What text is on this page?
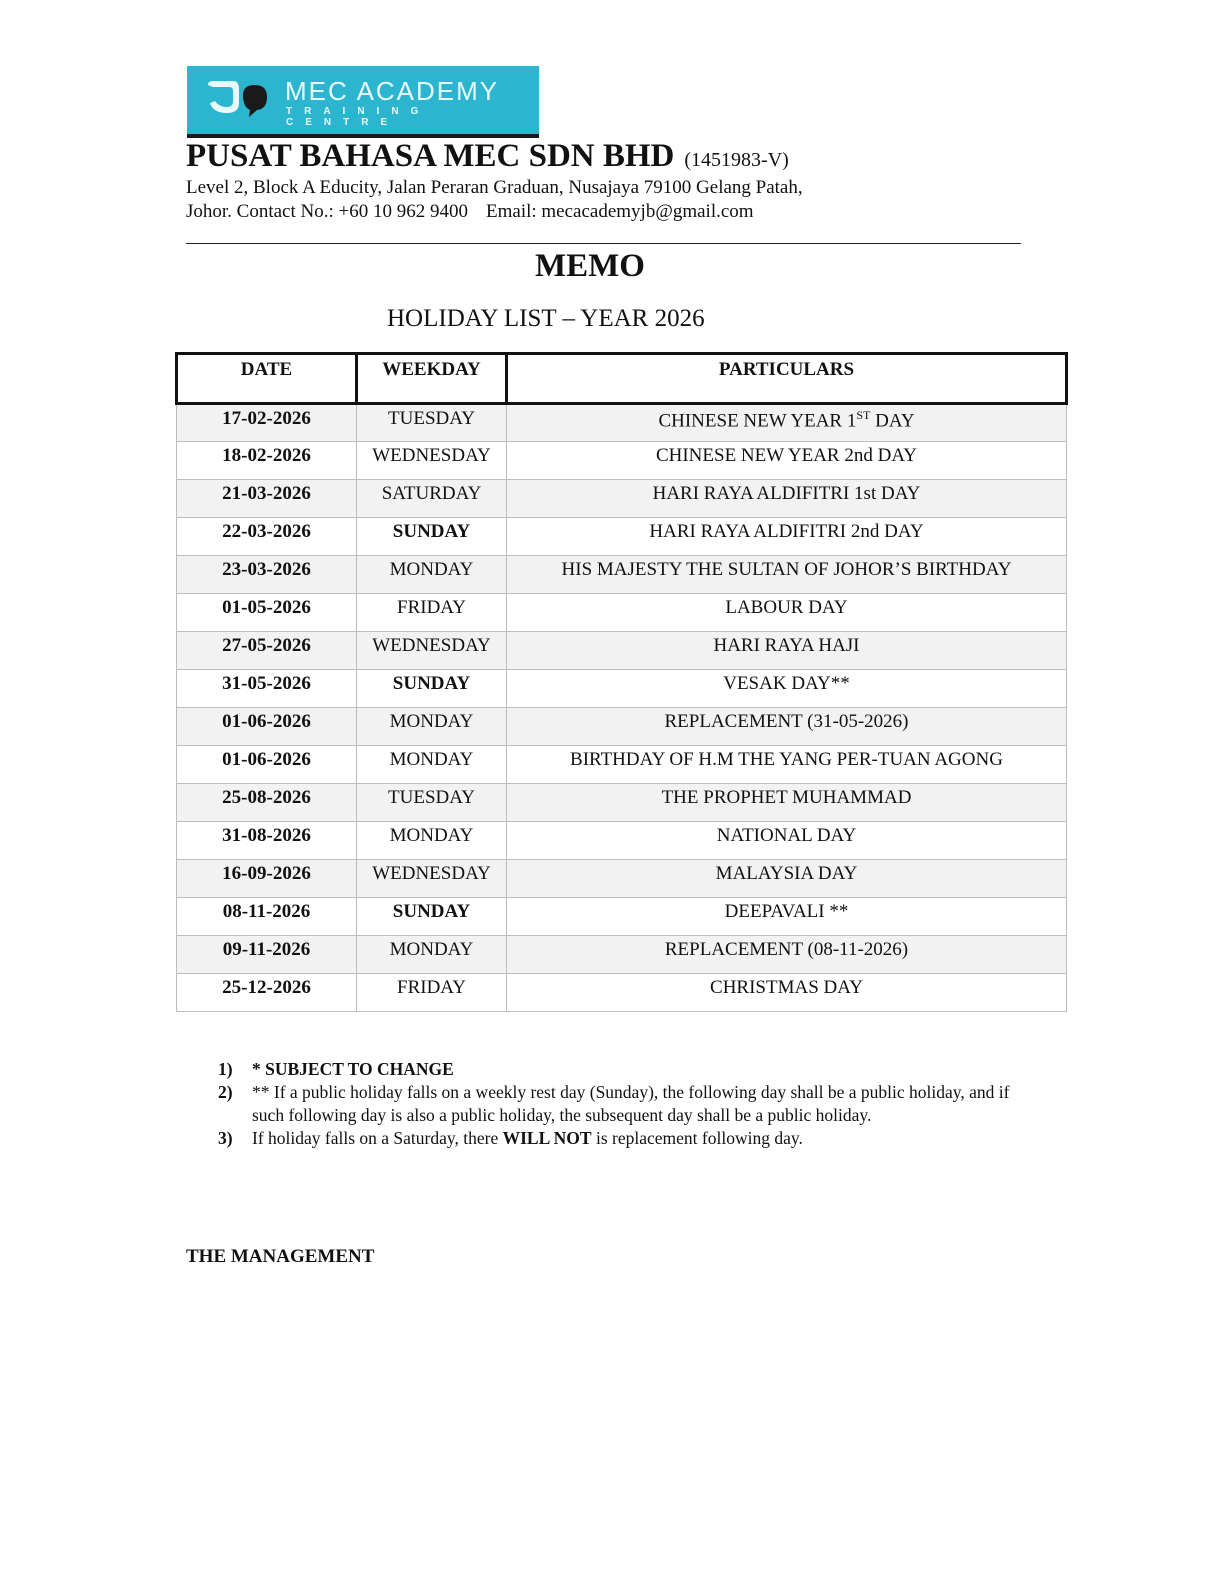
MEC ACADEMY
TRAINING CENTRE
PUSAT BAHASA MEC SDN BHD (1451983-V)
Level 2, Block A Educity, Jalan Peraran Graduan, Nusajaya 79100 Gelang Patah,
Johor. Contact No.: +60 10 962 9400 Email: mecacademyjb@gmail.com
MEMO
HOLIDAY LIST – YEAR 2026
DATE	WEEKDAY	PARTICULARS
17-02-2026	TUESDAY	CHINESE NEW YEAR 1ST DAY
18-02-2026	WEDNESDAY	CHINESE NEW YEAR 2nd DAY
21-03-2026	SATURDAY	HARI RAYA ALDIFITRI 1st DAY
22-03-2026	SUNDAY	HARI RAYA ALDIFITRI 2nd DAY
23-03-2026	MONDAY	HIS MAJESTY THE SULTAN OF JOHOR’S BIRTHDAY
01-05-2026	FRIDAY	LABOUR DAY
27-05-2026	WEDNESDAY	HARI RAYA HAJI
31-05-2026	SUNDAY	VESAK DAY**
01-06-2026	MONDAY	REPLACEMENT (31-05-2026)
01-06-2026	MONDAY	BIRTHDAY OF H.M THE YANG PER-TUAN AGONG
25-08-2026	TUESDAY	THE PROPHET MUHAMMAD
31-08-2026	MONDAY	NATIONAL DAY
16-09-2026	WEDNESDAY	MALAYSIA DAY
08-11-2026	SUNDAY	DEEPAVALI **
09-11-2026	MONDAY	REPLACEMENT (08-11-2026)
25-12-2026	FRIDAY	CHRISTMAS DAY
1)	* SUBJECT TO CHANGE
2)	** If a public holiday falls on a weekly rest day (Sunday), the following day shall be a public holiday, and if such following day is also a public holiday, the subsequent day shall be a public holiday.
3)	If holiday falls on a Saturday, there WILL NOT is replacement following day.
THE MANAGEMENT
